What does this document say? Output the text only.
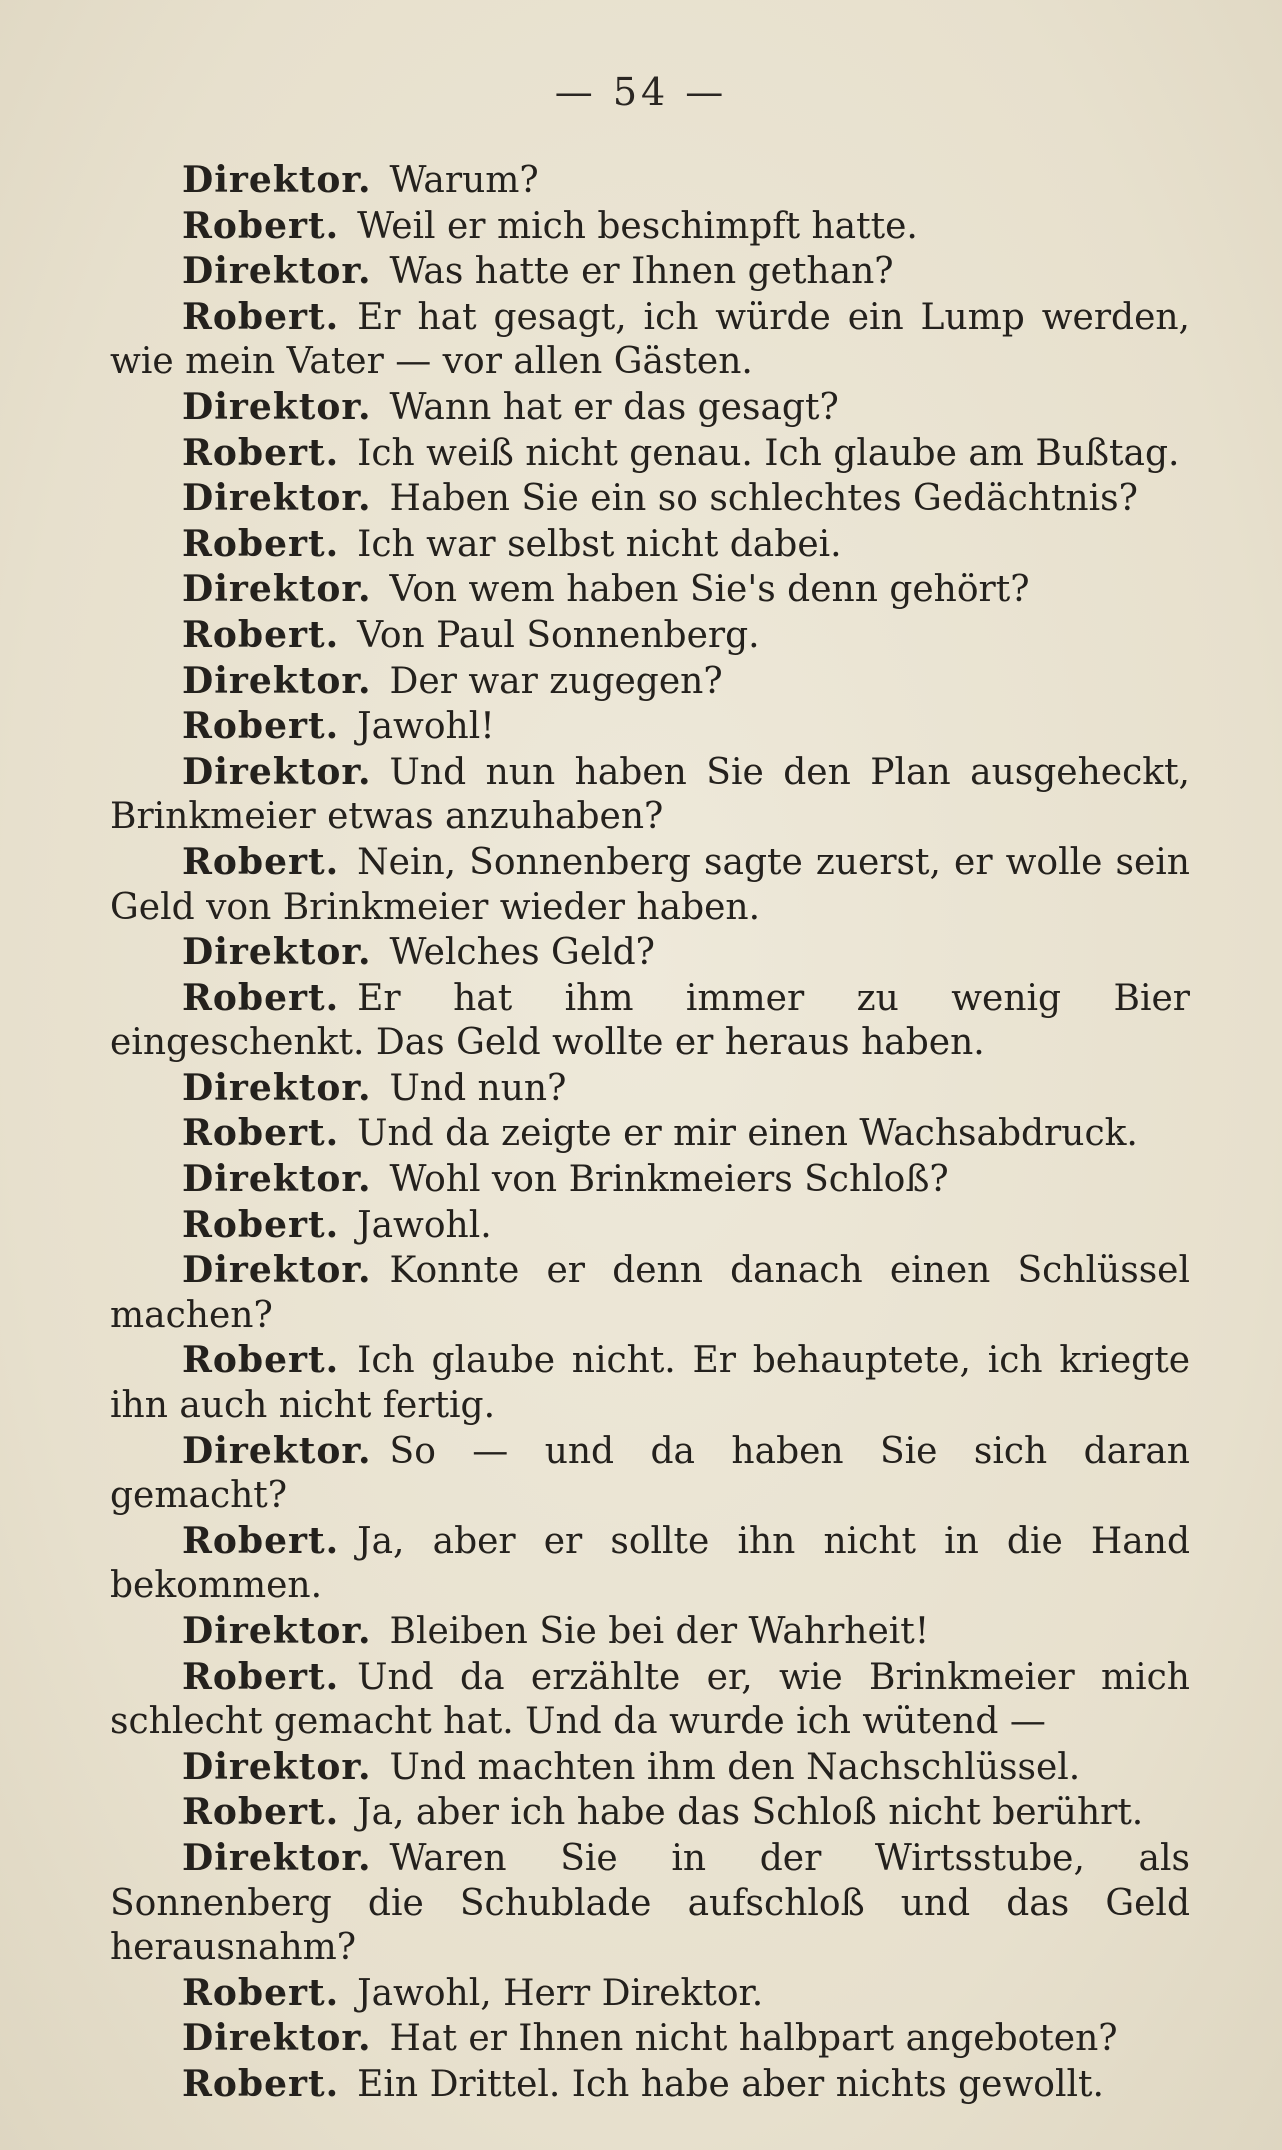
— 54 —

Direktor. Warum?

Robert. Weil er mich beschimpft hatte.

Direktor. Was hatte er Ihnen gethan?

Robert. Er hat gesagt, ich würde ein Lump werden, wie mein Vater — vor allen Gästen.

Direktor. Wann hat er das gesagt?

Robert. Ich weiß nicht genau. Ich glaube am Bußtag.

Direktor. Haben Sie ein so schlechtes Gedächtnis?

Robert. Ich war selbst nicht dabei.

Direktor. Von wem haben Sie's denn gehört?

Robert. Von Paul Sonnenberg.

Direktor. Der war zugegen?

Robert. Jawohl!

Direktor. Und nun haben Sie den Plan ausgeheckt, Brinkmeier etwas anzuhaben?

Robert. Nein, Sonnenberg sagte zuerst, er wolle sein Geld von Brinkmeier wieder haben.

Direktor. Welches Geld?

Robert. Er hat ihm immer zu wenig Bier eingeschenkt. Das Geld wollte er heraus haben.

Direktor. Und nun?

Robert. Und da zeigte er mir einen Wachsabdruck.

Direktor. Wohl von Brinkmeiers Schloß?

Robert. Jawohl.

Direktor. Konnte er denn danach einen Schlüssel machen?

Robert. Ich glaube nicht. Er behauptete, ich kriegte ihn auch nicht fertig.

Direktor. So — und da haben Sie sich daran gemacht?

Robert. Ja, aber er sollte ihn nicht in die Hand bekommen.

Direktor. Bleiben Sie bei der Wahrheit!

Robert. Und da erzählte er, wie Brinkmeier mich schlecht gemacht hat. Und da wurde ich wütend —

Direktor. Und machten ihm den Nachschlüssel.

Robert. Ja, aber ich habe das Schloß nicht berührt.

Direktor. Waren Sie in der Wirtsstube, als Sonnenberg die Schublade aufschloß und das Geld herausnahm?

Robert. Jawohl, Herr Direktor.

Direktor. Hat er Ihnen nicht halbpart angeboten?

Robert. Ein Drittel. Ich habe aber nichts gewollt.
